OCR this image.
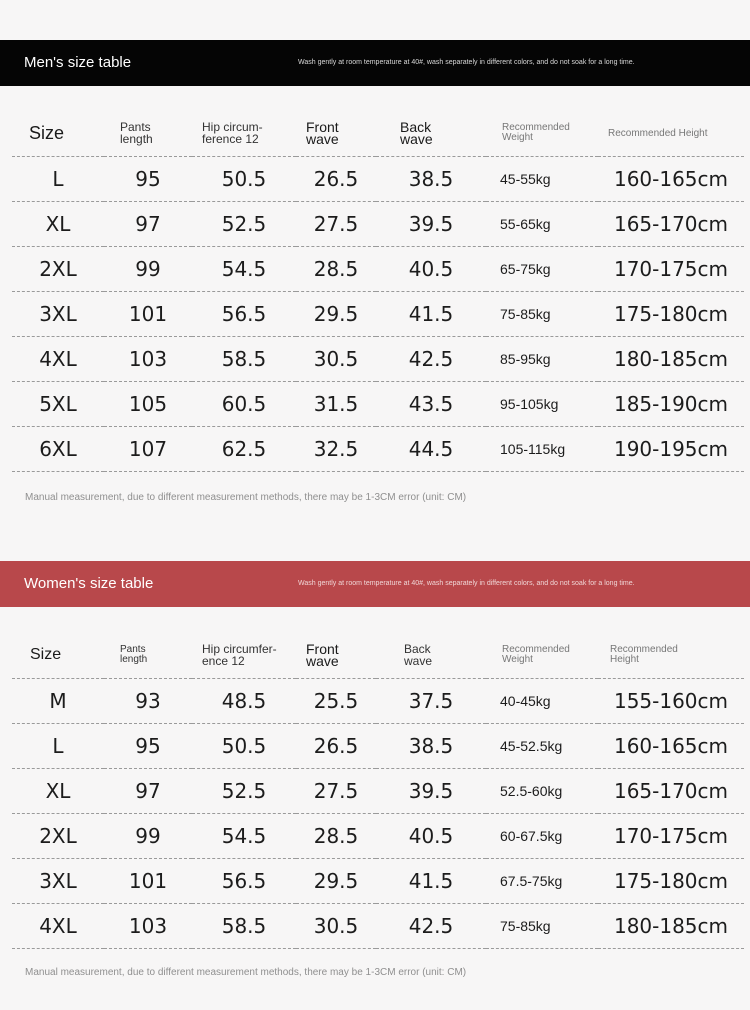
Men's size table	Wash gently at room temperature at 40#, wash separately in different colors, and do not soak for a long time.
Size	Pants length	Hip circum-ference 12	Front wave	Back wave	Recommended Weight	Recommended Height

L	95	50.5	26.5	38.5	45-55kg	160-165cm
XL	97	52.5	27.5	39.5	55-65kg	165-170cm
2XL	99	54.5	28.5	40.5	65-75kg	170-175cm
3XL	101	56.5	29.5	41.5	75-85kg	175-180cm
4XL	103	58.5	30.5	42.5	85-95kg	180-185cm
5XL	105	60.5	31.5	43.5	95-105kg	185-190cm
6XL	107	62.5	32.5	44.5	105-115kg	190-195cm
Manual measurement, due to different measurement methods, there may be 1-3CM error (unit: CM)
Women's size table	Wash gently at room temperature at 40#, wash separately in different colors, and do not soak for a long time.
Size	Pants length	Hip circumfer-ence 12	Front wave	Back wave	Recommended Weight	Recommended Height

M	93	48.5	25.5	37.5	40-45kg	155-160cm
L	95	50.5	26.5	38.5	45-52.5kg	160-165cm
XL	97	52.5	27.5	39.5	52.5-60kg	165-170cm
2XL	99	54.5	28.5	40.5	60-67.5kg	170-175cm
3XL	101	56.5	29.5	41.5	67.5-75kg	175-180cm
4XL	103	58.5	30.5	42.5	75-85kg	180-185cm
Manual measurement, due to different measurement methods, there may be 1-3CM error (unit: CM)
